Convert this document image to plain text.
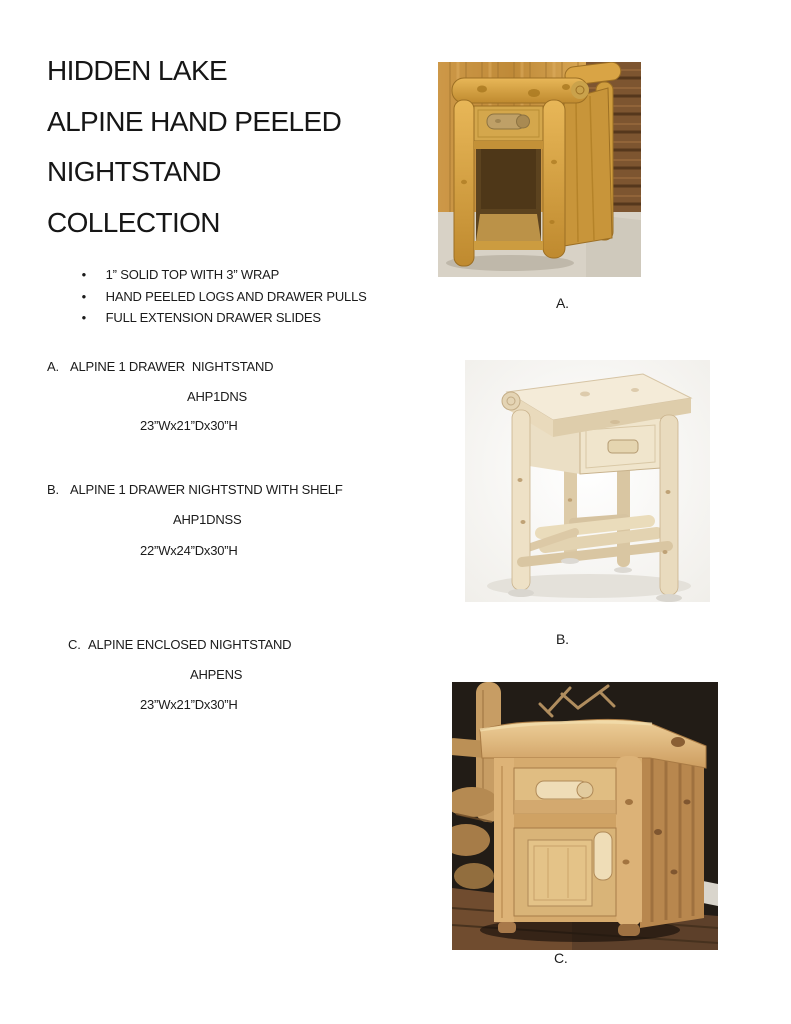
HIDDEN LAKE
ALPINE HAND PEELED
NIGHTSTAND
COLLECTION

• 1” SOLID TOP WITH 3” WRAP

• HAND PEELED LOGS AND DRAWER PULLS

• FULL EXTENSION DRAWER SLIDES

A. ALPINE 1 DRAWER  NIGHTSTAND
AHP1DNS
23”Wx21”Dx30”H
B. ALPINE 1 DRAWER NIGHTSTND WITH SHELF
AHP1DNSS
22”Wx24”Dx30”H
C. ALPINE ENCLOSED NIGHTSTAND
AHPENS
23”Wx21”Dx30”H
A.
B.
C.
